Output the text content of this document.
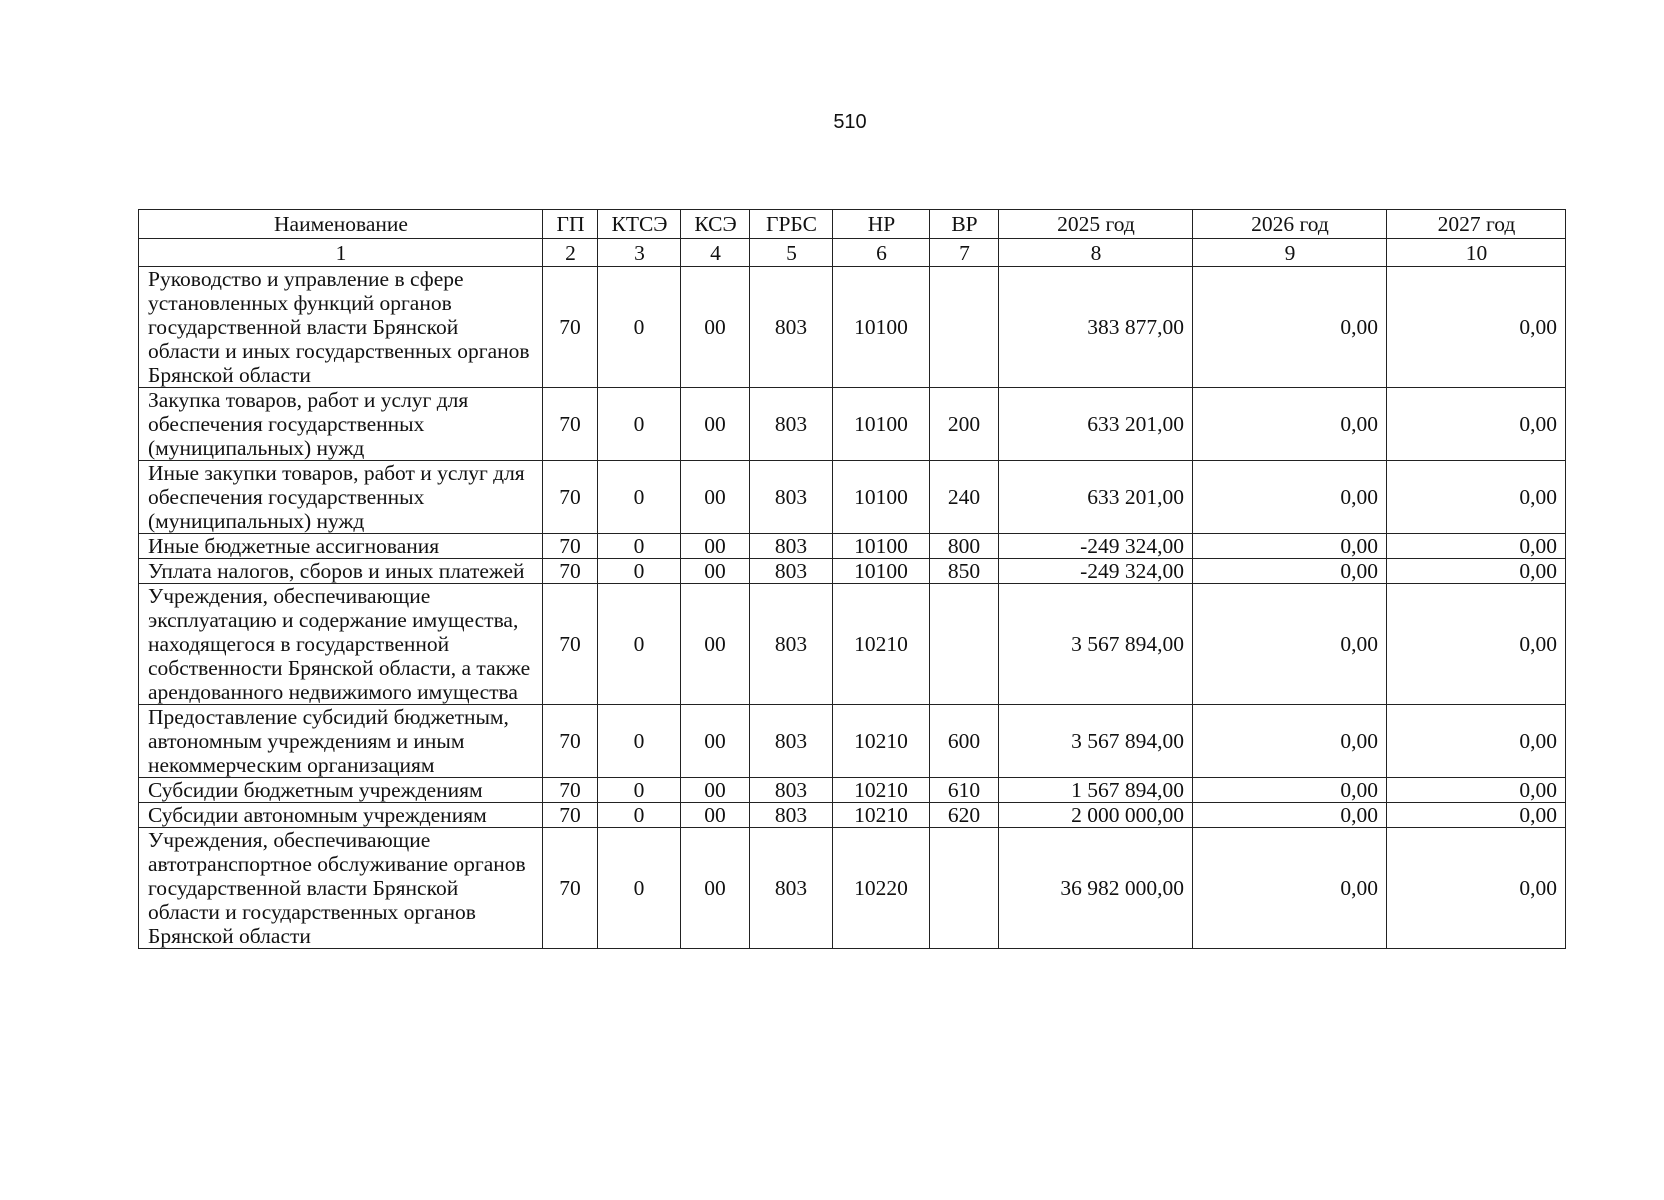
510
Наименование	ГП	КТСЭ	КСЭ	ГРБС	НР	ВР	2025 год	2026 год	2027 год
1	2	3	4	5	6	7	8	9	10
Руководство и управление в сфере установленных функций органов государственной власти Брянской области и иных государственных органов Брянской области	70	0	00	803	10100		383 877,00	0,00	0,00
Закупка товаров, работ и услуг для обеспечения государственных (муниципальных) нужд	70	0	00	803	10100	200	633 201,00	0,00	0,00
Иные закупки товаров, работ и услуг для обеспечения государственных (муниципальных) нужд	70	0	00	803	10100	240	633 201,00	0,00	0,00
Иные бюджетные ассигнования	70	0	00	803	10100	800	-249 324,00	0,00	0,00
Уплата налогов, сборов и иных платежей	70	0	00	803	10100	850	-249 324,00	0,00	0,00
Учреждения, обеспечивающие эксплуатацию и содержание имущества, находящегося в государственной собственности Брянской области, а также арендованного недвижимого имущества	70	0	00	803	10210		3 567 894,00	0,00	0,00
Предоставление субсидий бюджетным, автономным учреждениям и иным некоммерческим организациям	70	0	00	803	10210	600	3 567 894,00	0,00	0,00
Субсидии бюджетным учреждениям	70	0	00	803	10210	610	1 567 894,00	0,00	0,00
Субсидии автономным учреждениям	70	0	00	803	10210	620	2 000 000,00	0,00	0,00
Учреждения, обеспечивающие автотранспортное обслуживание органов государственной власти Брянской области и государственных органов Брянской области	70	0	00	803	10220		36 982 000,00	0,00	0,00
